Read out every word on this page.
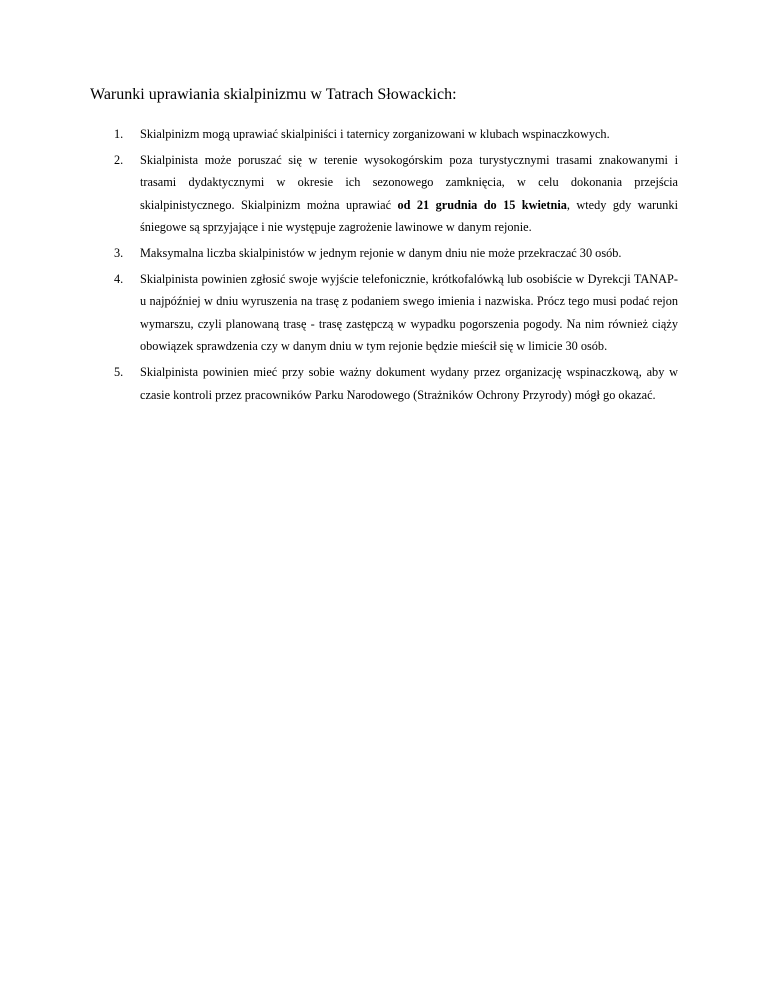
Warunki uprawiania skialpinizmu w Tatrach Słowackich:
1. Skialpinizm mogą uprawiać skialpiniści i taternicy zorganizowani w klubach wspinaczkowych.
2. Skialpinista może poruszać się w terenie wysokogórskim poza turystycznymi trasami znakowanymi i trasami dydaktycznymi w okresie ich sezonowego zamknięcia, w celu dokonania przejścia skialpinistycznego. Skialpinizm można uprawiać od 21 grudnia do 15 kwietnia, wtedy gdy warunki śniegowe są sprzyjające i nie występuje zagrożenie lawinowe w danym rejonie.
3. Maksymalna liczba skialpinistów w jednym rejonie w danym dniu nie może przekraczać 30 osób.
4. Skialpinista powinien zgłosić swoje wyjście telefonicznie, krótkofalówką lub osobiście w Dyrekcji TANAP-u najpóźniej w dniu wyruszenia na trasę z podaniem swego imienia i nazwiska. Prócz tego musi podać rejon wymarszu, czyli planowaną trasę - trasę zastępczą w wypadku pogorszenia pogody. Na nim również ciąży obowiązek sprawdzenia czy w danym dniu w tym rejonie będzie mieścił się w limicie 30 osób.
5. Skialpinista powinien mieć przy sobie ważny dokument wydany przez organizację wspinaczkową, aby w czasie kontroli przez pracowników Parku Narodowego (Strażników Ochrony Przyrody) mógł go okazać.
